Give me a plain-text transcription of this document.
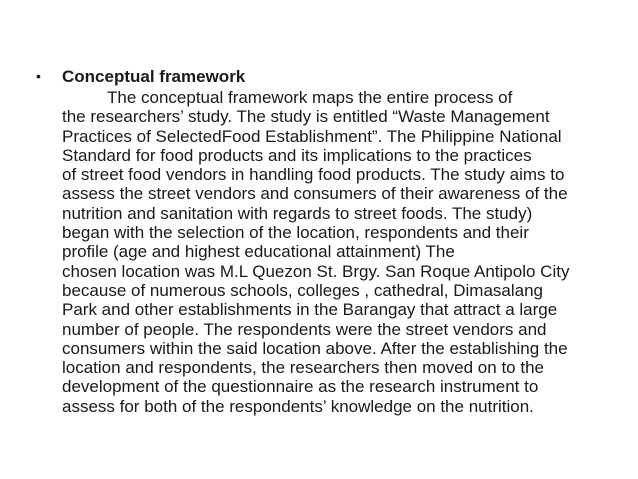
• Conceptual framework
The conceptual framework maps the entire process of
the researchers’ study. The study is entitled “Waste Management
Practices of SelectedFood Establishment”. The Philippine National
Standard for food products and its implications to the practices
of street food vendors in handling food products. The study aims to
assess the street vendors and consumers of their awareness of the
nutrition and sanitation with regards to street foods. The study)
began with the selection of the location, respondents and their
profile (age and highest educational attainment) The
chosen location was M.L Quezon St. Brgy. San Roque Antipolo City
because of numerous schools, colleges , cathedral, Dimasalang
Park and other establishments in the Barangay that attract a large
number of people. The respondents were the street vendors and
consumers within the said location above. After the establishing the
location and respondents, the researchers then moved on to the
development of the questionnaire as the research instrument to
assess for both of the respondents’ knowledge on the nutrition.
